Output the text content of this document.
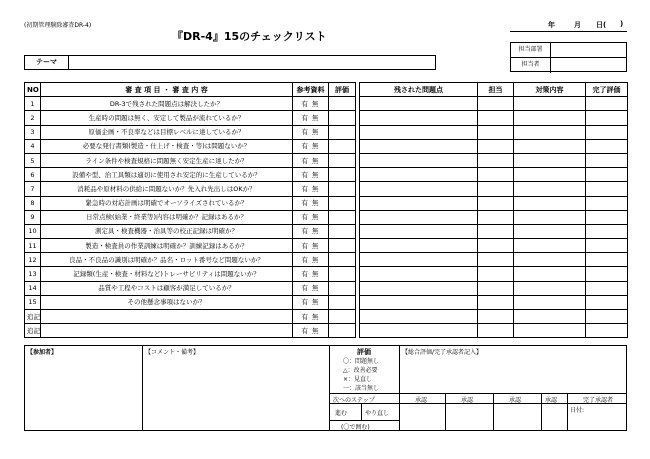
(初期管理験除審査DR-4)	年	月 日( )
『DR-4』15のチェックリスト
担当部署
担当者
テーマ
NO	審 査 項 目 ・ 審 査 内 容	参考資料	評価		残された問題点	担当	対策内容	完了評価
1	DR-3で残された問題点は解決したか？	有 無						
2	生産時の問題は無く、安定して製品が流れているか？	有 無						
3	原価企画・不良率などは目標レベルに達しているか？	有 無						
4	必要な発行書類(製造・仕上げ・検査・等)は問題ないか？	有 無						
5	ライン条件や検査規格に問題無く安定生産に達したか？	有 無						
6	設備や型、治工具類は適切に使用され安定的に生産しているか？	有 無						
7	消耗品や原材料の供給に問題ないか？先入れ先出しはOKか？	有 無						
8	緊急時の対応計画は明確でオーソライズされているか？	有 無						
9	日常点検(始業・終業等)内容は明確か？記録はあるか？	有 無						
10	測定具・検査機器・治具等の校正記録は明確か？	有 無						
11	製造・検査員の作業訓練は明確か？訓練記録はあるか？	有 無						
12	良品・不良品の識別は明確か？品名・ロット番号など問題ないか？	有 無						
13	記録類(生産・検査・材料など)トレーサビリティは問題ないか？	有 無						
14	品質や工程やコストは顧客が満足しているか？	有 無						
15	その他懸念事項はないか？	有 無						
追記		有 無						
追記		有 無						
【参加者】	【コメント・備考】	評価
〇：問題無し
△：改善必要
×：見直し
一：該当無し
【総合評価/完了承認者記入】
次へのステップ
進む	やり直し
(〇で囲む)
承認	承認	承認	承認	完了承認者
日付:
